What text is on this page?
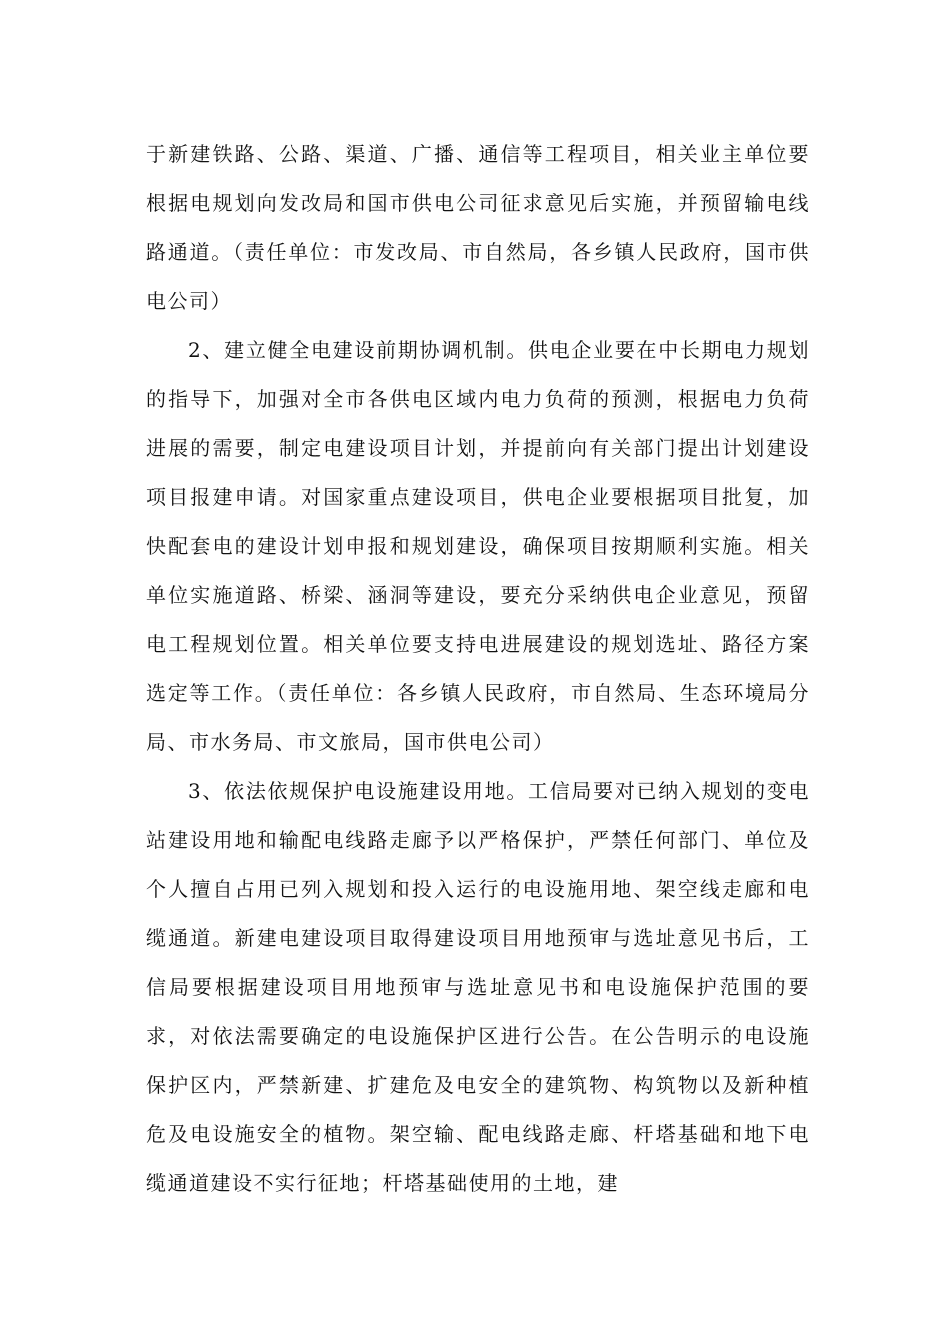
于新建铁路、公路、渠道、广播、通信等工程项目，相关业主单位要根据电规划向发改局和国市供电公司征求意见后实施，并预留输电线路通道。（责任单位：市发改局、市自然局，各乡镇人民政府，国市供电公司）

2、建立健全电建设前期协调机制。供电企业要在中长期电力规划的指导下，加强对全市各供电区域内电力负荷的预测，根据电力负荷进展的需要，制定电建设项目计划，并提前向有关部门提出计划建设项目报建申请。对国家重点建设项目，供电企业要根据项目批复，加快配套电的建设计划申报和规划建设，确保项目按期顺利实施。相关单位实施道路、桥梁、涵洞等建设，要充分采纳供电企业意见，预留电工程规划位置。相关单位要支持电进展建设的规划选址、路径方案选定等工作。（责任单位：各乡镇人民政府，市自然局、生态环境局分局、市水务局、市文旅局，国市供电公司）

3、依法依规保护电设施建设用地。工信局要对已纳入规划的变电站建设用地和输配电线路走廊予以严格保护，严禁任何部门、单位及个人擅自占用已列入规划和投入运行的电设施用地、架空线走廊和电缆通道。新建电建设项目取得建设项目用地预审与选址意见书后，工信局要根据建设项目用地预审与选址意见书和电设施保护范围的要求，对依法需要确定的电设施保护区进行公告。在公告明示的电设施保护区内，严禁新建、扩建危及电安全的建筑物、构筑物以及新种植危及电设施安全的植物。架空输、配电线路走廊、杆塔基础和地下电缆通道建设不实行征地；杆塔基础使用的土地，建
